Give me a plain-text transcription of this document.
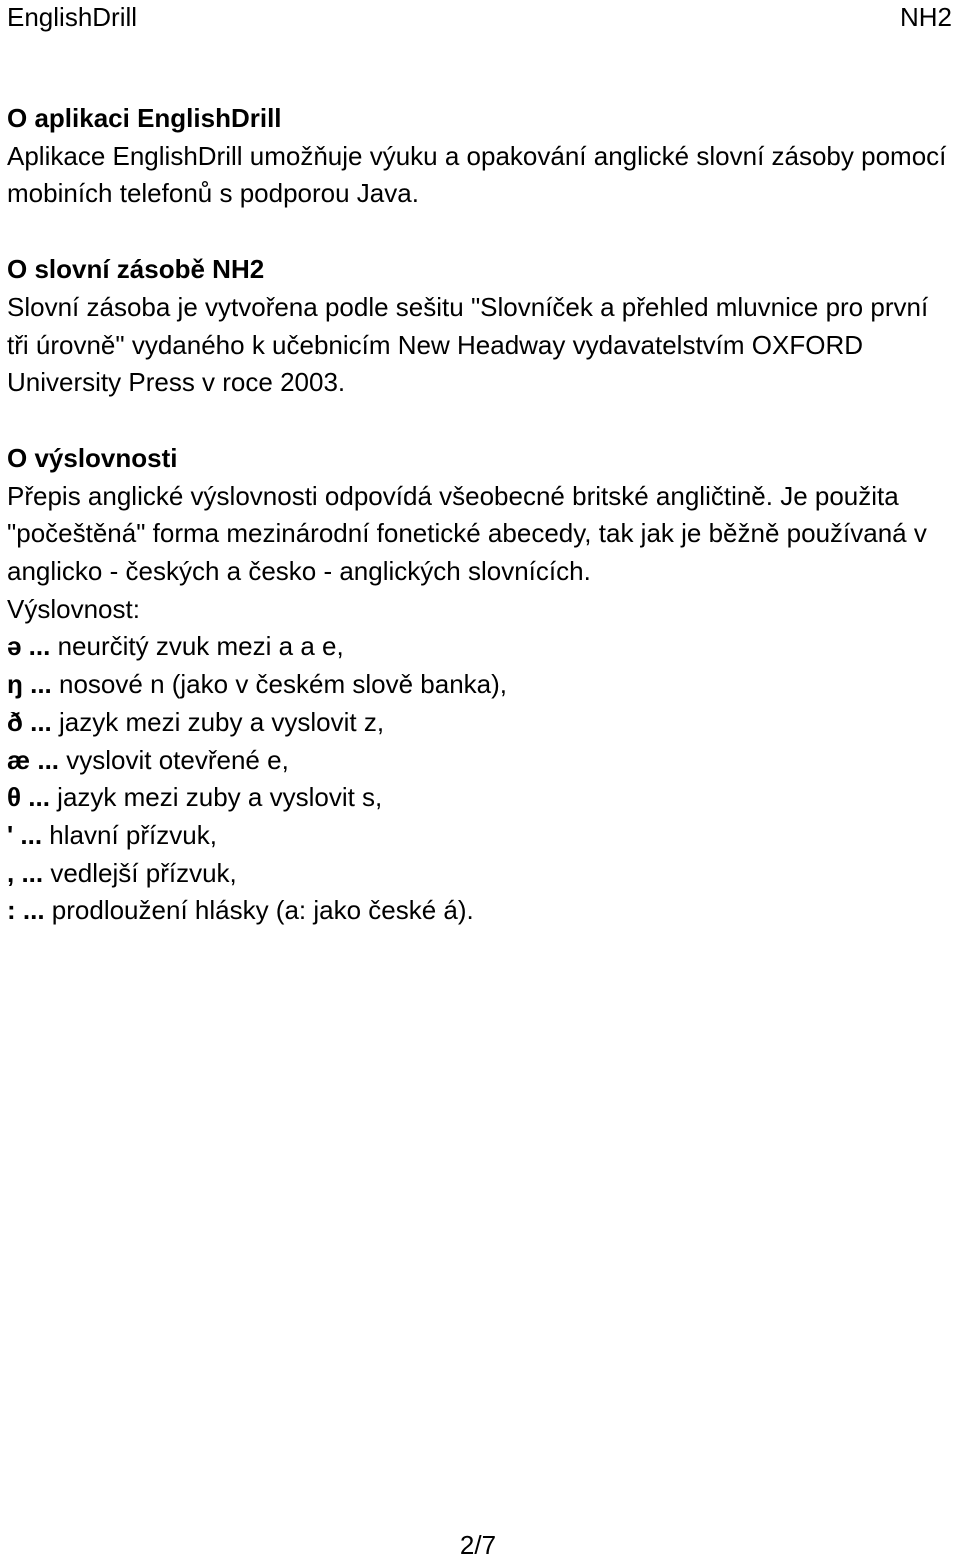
EnglishDrill	NH2
O aplikaci EnglishDrill

Aplikace EnglishDrill umožňuje výuku a opakování anglické slovní zásoby pomocí mobiních telefonů s podporou Java.

O slovní zásobě NH2

Slovní zásoba je vytvořena podle sešitu "Slovníček a přehled mluvnice pro první tři úrovně" vydaného k učebnicím New Headway vydavatelstvím OXFORD University Press v roce 2003.

O výslovnosti

Přepis anglické výslovnosti odpovídá všeobecné britské angličtině. Je použita "počeštěná" forma mezinárodní fonetické abecedy, tak jak je běžně používaná v anglicko - českých a česko - anglických slovnících.

Výslovnost:

ə ... neurčitý zvuk mezi a a e,
ŋ ... nosové n (jako v českém slově banka),
ð ... jazyk mezi zuby a vyslovit z,
æ ... vyslovit otevřené e,
θ ... jazyk mezi zuby a vyslovit s,
' ... hlavní přízvuk,
, ... vedlejší přízvuk,
: ... prodloužení hlásky (a: jako české á).
2/7
